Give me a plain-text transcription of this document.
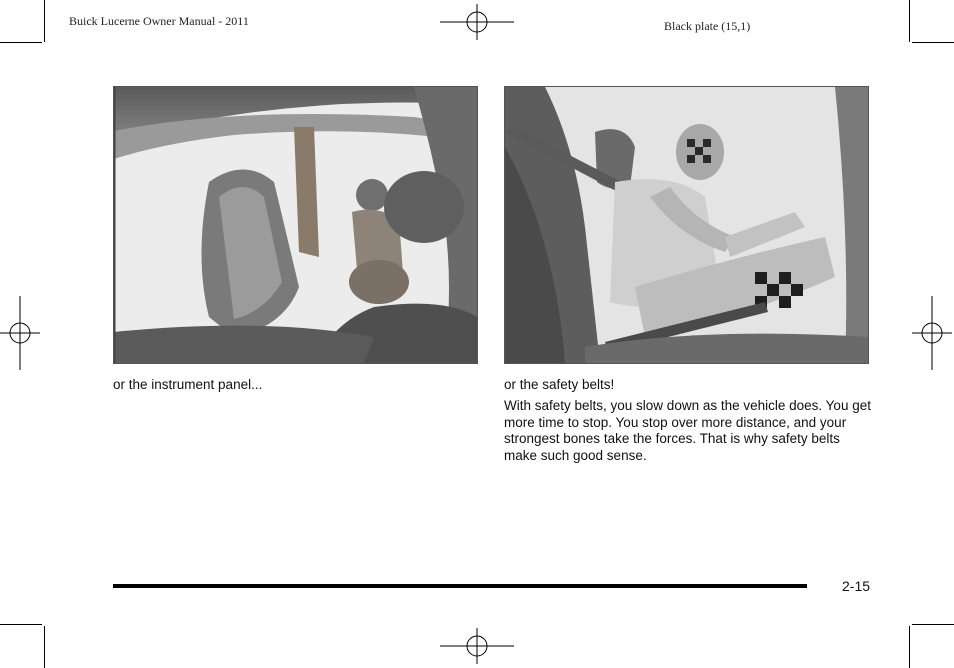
Buick Lucerne Owner Manual - 2011	Black plate (15,1)
or the instrument panel...	or the safety belts!
With safety belts, you slow down as the vehicle does. You get more time to stop. You stop over more distance, and your strongest bones take the forces. That is why safety belts make such good sense.
2-15
